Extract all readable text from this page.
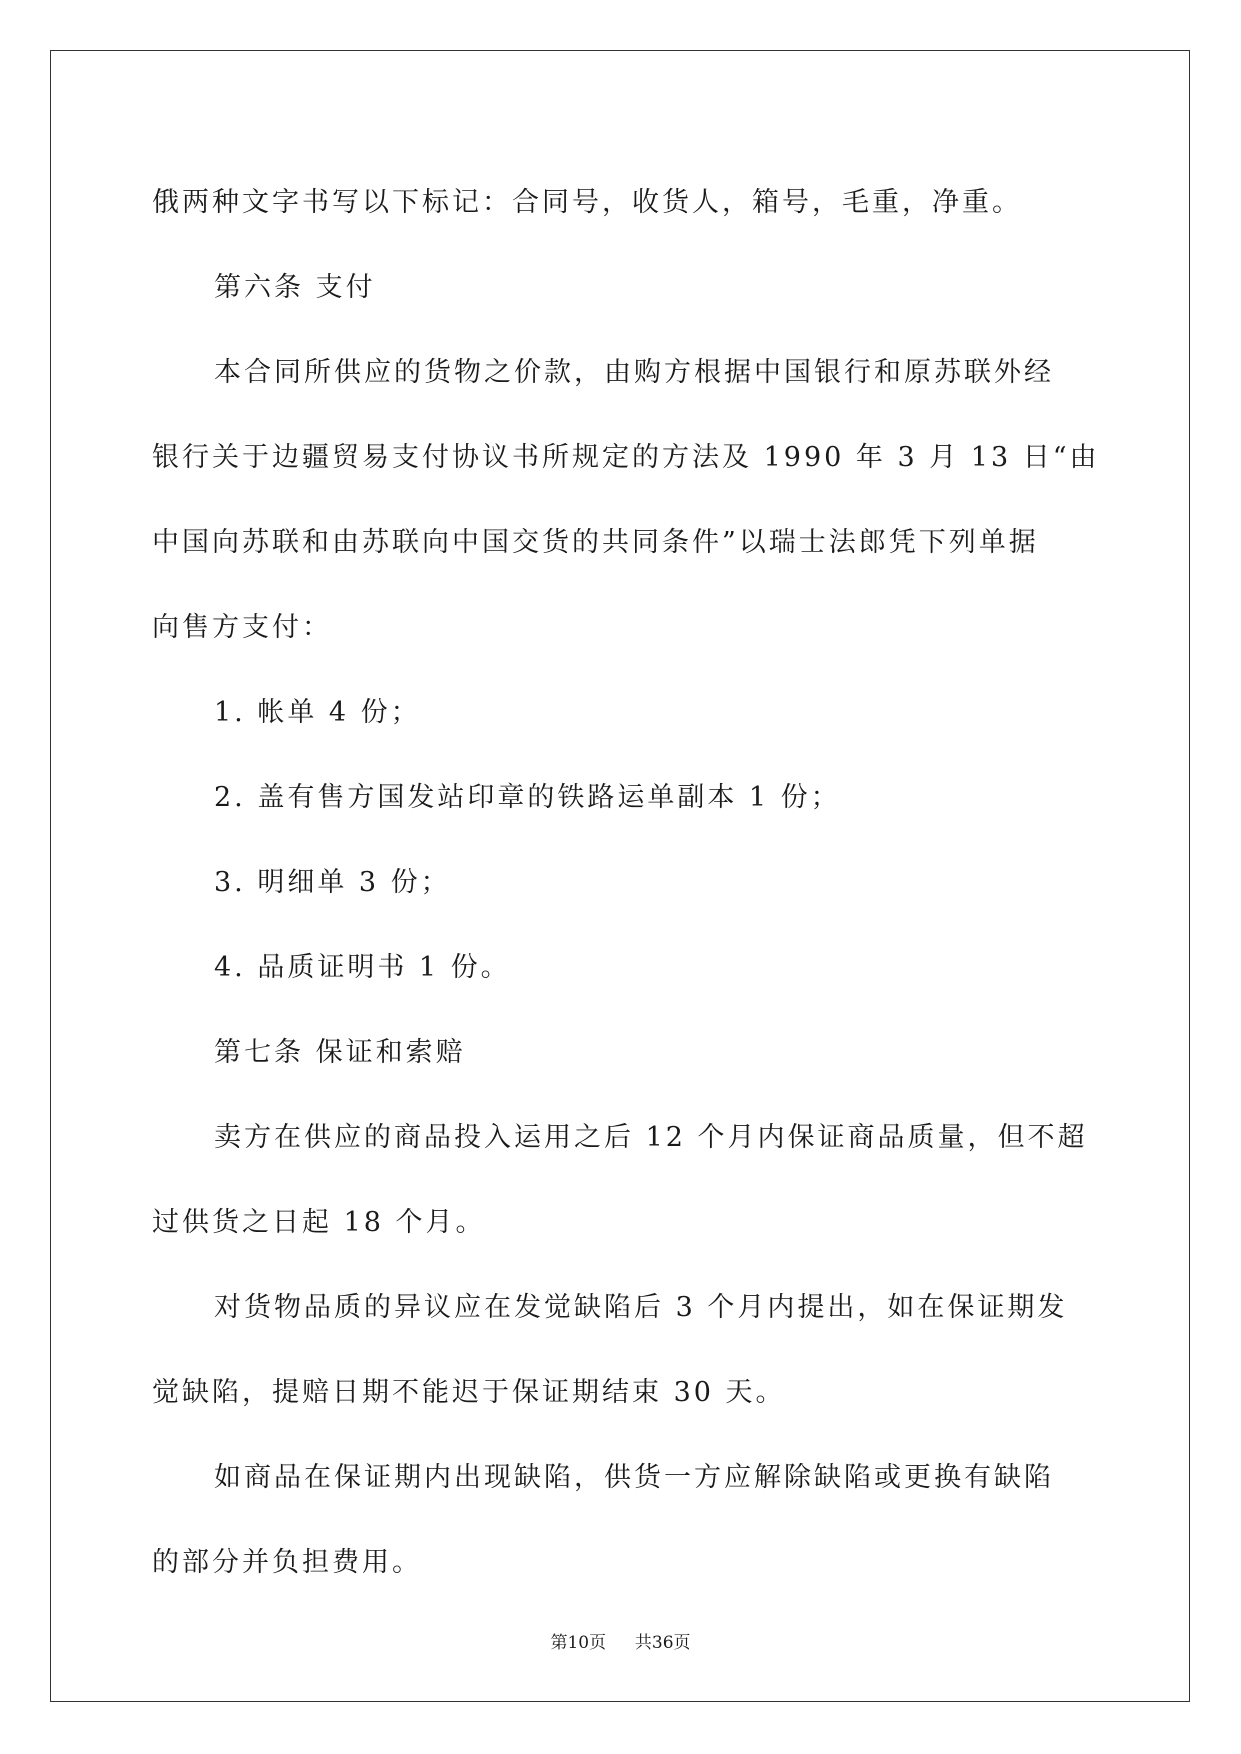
俄两种文字书写以下标记：合同号，收货人，箱号，毛重，净重。

第六条 支付

本合同所供应的货物之价款，由购方根据中国银行和原苏联外经

银行关于边疆贸易支付协议书所规定的方法及 1990 年 3 月 13 日“由

中国向苏联和由苏联向中国交货的共同条件”以瑞士法郎凭下列单据

向售方支付：

1. 帐单 4 份；

2. 盖有售方国发站印章的铁路运单副本 1 份；

3. 明细单 3 份；

4. 品质证明书 1 份。

第七条 保证和索赔

卖方在供应的商品投入运用之后 12 个月内保证商品质量，但不超

过供货之日起 18 个月。

对货物品质的异议应在发觉缺陷后 3 个月内提出，如在保证期发

觉缺陷，提赔日期不能迟于保证期结束 30 天。

如商品在保证期内出现缺陷，供货一方应解除缺陷或更换有缺陷

的部分并负担费用。

第10页 共36页
